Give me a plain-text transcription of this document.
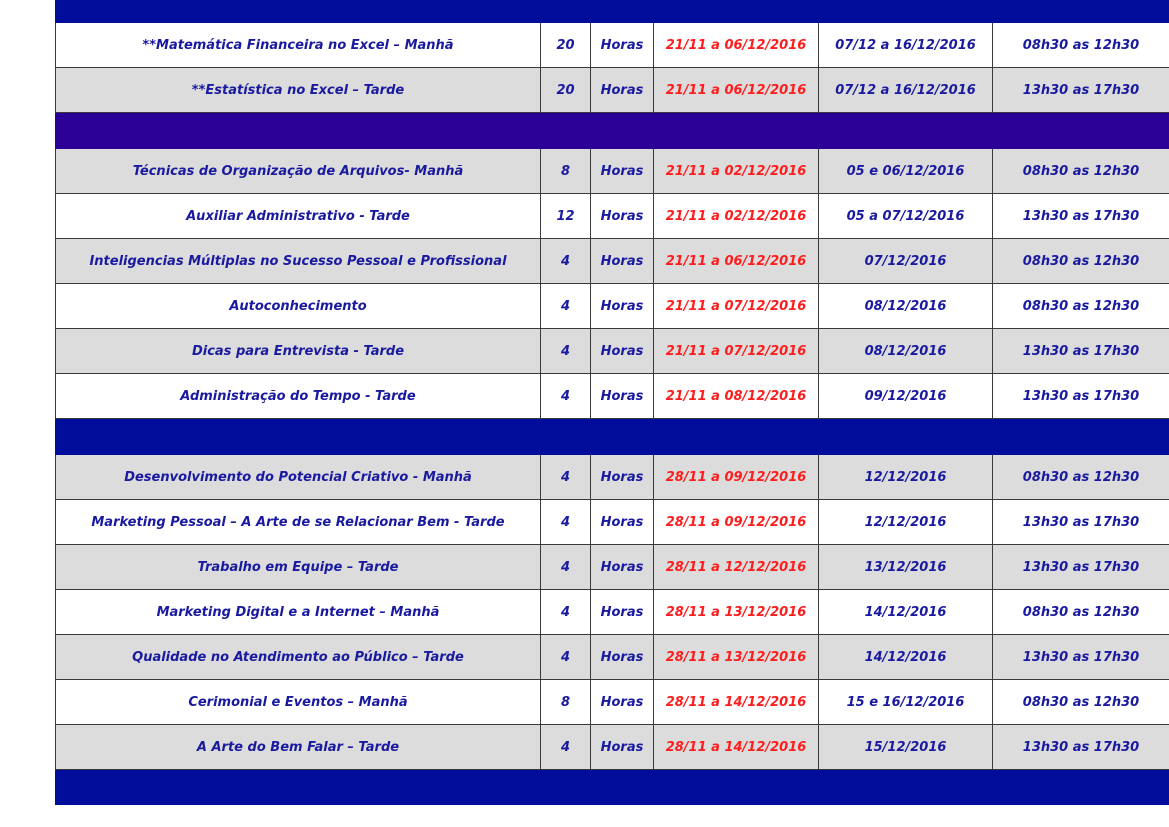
**Matemática Financeira no Excel – Manhã	20	Horas	21/11 a 06/12/2016	07/12 a 16/12/2016	08h30 as 12h30
**Estatística no Excel – Tarde	20	Horas	21/11 a 06/12/2016	07/12 a 16/12/2016	13h30 as 17h30

Técnicas de Organização de Arquivos- Manhã	8	Horas	21/11 a 02/12/2016	05 e 06/12/2016	08h30 as 12h30
Auxiliar Administrativo - Tarde	12	Horas	21/11 a 02/12/2016	05 a 07/12/2016	13h30 as 17h30
Inteligencias Múltiplas no Sucesso Pessoal e Profissional	4	Horas	21/11 a 06/12/2016	07/12/2016	08h30 as 12h30
Autoconhecimento	4	Horas	21/11 a 07/12/2016	08/12/2016	08h30 as 12h30
Dicas para Entrevista - Tarde	4	Horas	21/11 a 07/12/2016	08/12/2016	13h30 as 17h30
Administração do Tempo - Tarde	4	Horas	21/11 a 08/12/2016	09/12/2016	13h30 as 17h30

Desenvolvimento do Potencial Criativo - Manhã	4	Horas	28/11 a 09/12/2016	12/12/2016	08h30 as 12h30
Marketing Pessoal – A Arte de se Relacionar Bem - Tarde	4	Horas	28/11 a 09/12/2016	12/12/2016	13h30 as 17h30
Trabalho em Equipe – Tarde	4	Horas	28/11 a 12/12/2016	13/12/2016	13h30 as 17h30
Marketing Digital e a Internet – Manhã	4	Horas	28/11 a 13/12/2016	14/12/2016	08h30 as 12h30
Qualidade no Atendimento ao Público – Tarde	4	Horas	28/11 a 13/12/2016	14/12/2016	13h30 as 17h30
Cerimonial e Eventos – Manhã	8	Horas	28/11 a 14/12/2016	15 e 16/12/2016	08h30 as 12h30
A Arte do Bem Falar – Tarde	4	Horas	28/11 a 14/12/2016	15/12/2016	13h30 as 17h30
